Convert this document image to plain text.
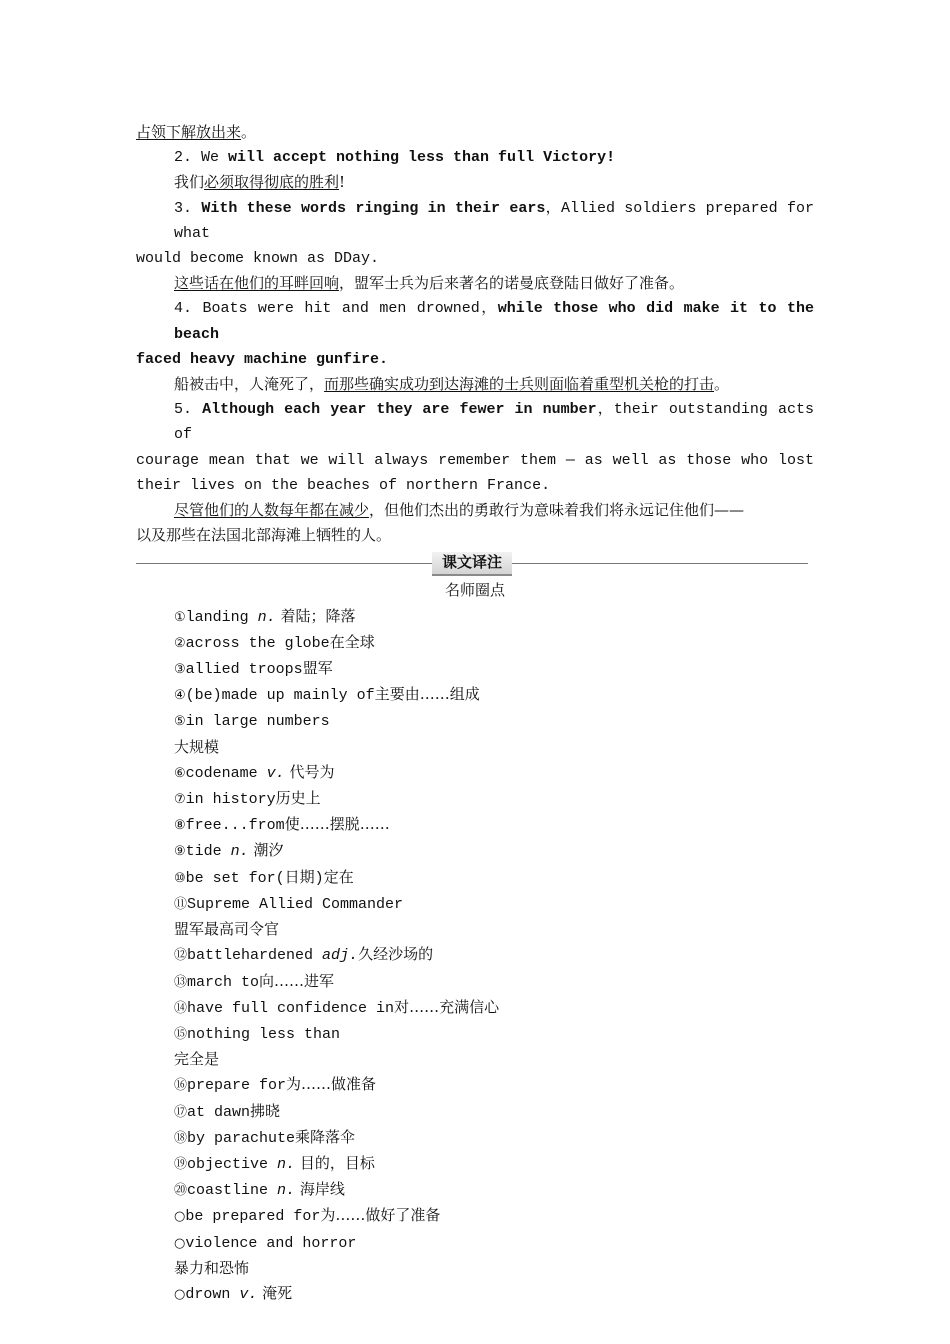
占领下解放出来。
2. We will accept nothing less than full Victory!
我们必须取得彻底的胜利!
3. With these words ringing in their ears，Allied soldiers prepared for what
would become known as DDay.
这些话在他们的耳畔回响，盟军士兵为后来著名的诺曼底登陆日做好了准备。
4. Boats were hit and men drowned，while those who did make it to the beach
faced heavy machine gunfire.
船被击中，人淹死了，而那些确实成功到达海滩的士兵则面临着重型机关枪的打击。
5. Although each year they are fewer in number，their outstanding acts of
courage mean that we will always remember them — as well as those who lost
their lives on the beaches of northern France.
尽管他们的人数每年都在减少，但他们杰出的勇敢行为意味着我们将永远记住他们——
以及那些在法国北部海滩上牺牲的人。
课文译注
名师圈点
①landing n. 着陆；降落
②across the globe在全球
③allied troops盟军
④(be)made up mainly of主要由……组成
⑤in large numbers
大规模
⑥codename v. 代号为
⑦in history历史上
⑧free...from使……摆脱……
⑨tide n. 潮汐
⑩be set for(日期)定在
⑪Supreme Allied Commander
盟军最高司令官
⑫battlehardened adj.久经沙场的
⑬march to向……进军
⑭have full confidence in对……充满信心
⑮nothing less than
完全是
⑯prepare for为……做准备
⑰at dawn拂晓
⑱by parachute乘降落伞
⑲objective n. 目的，目标
⑳coastline n. 海岸线
○be prepared for为……做好了准备
○violence and horror
暴力和恐怖
○drown v. 淹死
